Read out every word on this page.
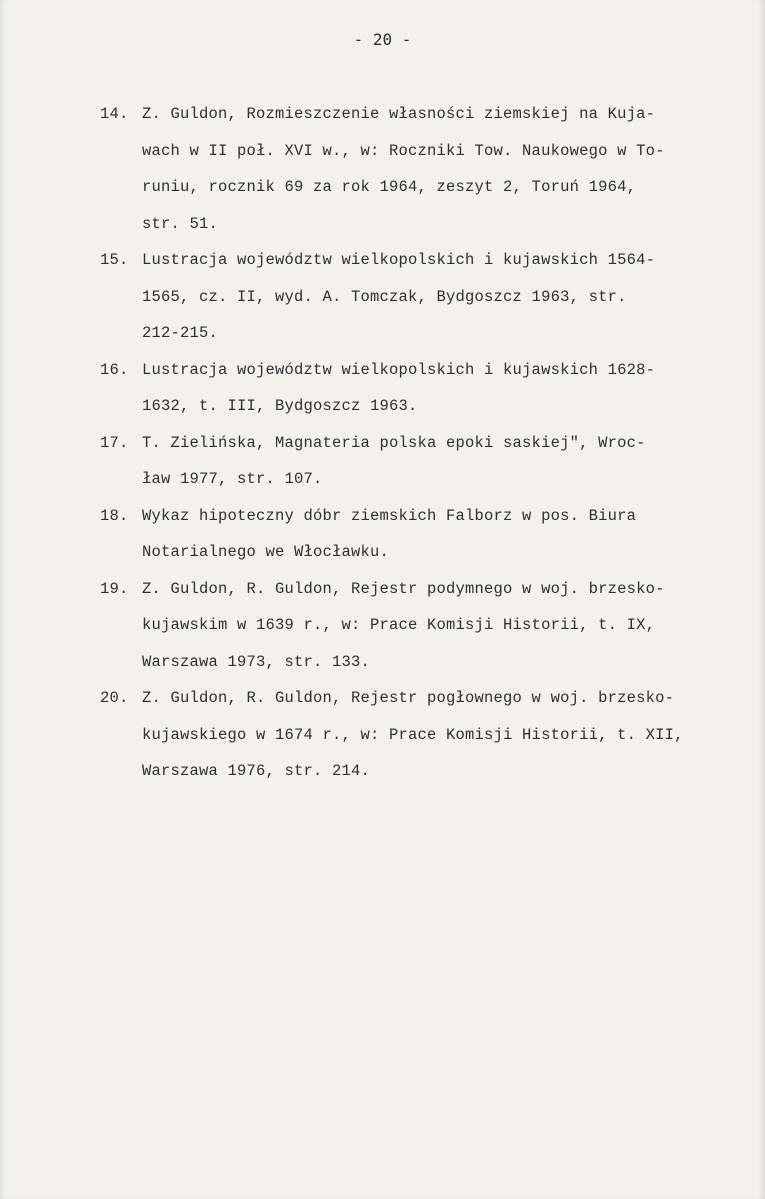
- 20 -
14. Z. Guldon, Rozmieszczenie własności ziemskiej na Kuja-
wach w II poł. XVI w., w: Roczniki Tow. Naukowego w To-
runiu, rocznik 69 za rok 1964, zeszyt 2, Toruń 1964,
str. 51.
15. Lustracja województw wielkopolskich i kujawskich 1564-
1565, cz. II, wyd. A. Tomczak, Bydgoszcz 1963, str.
212-215.
16. Lustracja województw wielkopolskich i kujawskich 1628-
1632, t. III, Bydgoszcz 1963.
17. T. Zielińska, Magnateria polska epoki saskiej", Wroc-
ław 1977, str. 107.
18. Wykaz hipoteczny dóbr ziemskich Falborz w pos. Biura
Notarialnego we Włocławku.
19. Z. Guldon, R. Guldon, Rejestr podymnego w woj. brzesko-
kujawskim w 1639 r., w: Prace Komisji Historii, t. IX,
Warszawa 1973, str. 133.
20. Z. Guldon, R. Guldon, Rejestr pogłownego w woj. brzesko-
kujawskiego w 1674 r., w: Prace Komisji Historii, t. XII,
Warszawa 1976, str. 214.
